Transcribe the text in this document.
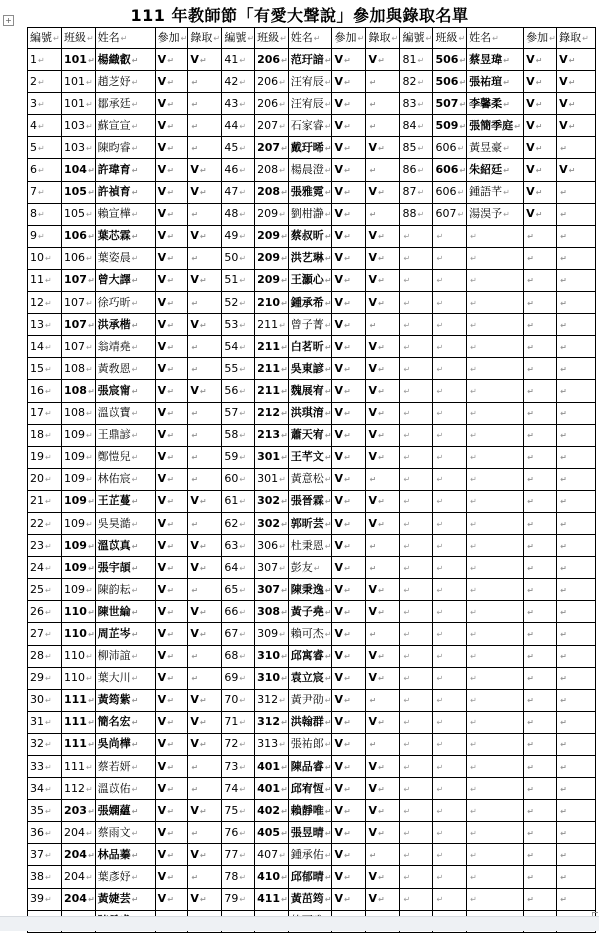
+	111 年教師節「有愛大聲說」參加與錄取名單
編號↵	班級↵	姓名↵	參加↵	錄取↵	編號↵	班級↵	姓名↵	參加↵	錄取↵	編號↵	班級↵	姓名↵	參加↵	錄取↵
1↵	101↵	楊織叡↵	V↵	V↵	41↵	206↵	范玗諳↵	V↵	V↵	81↵	506↵	蔡昱瑋↵	V↵	V↵
2↵	101↵	趙芝妤↵	V↵	↵	42↵	206↵	汪宥辰↵	V↵	↵	82↵	506↵	張祐瑄↵	V↵	V↵
3↵	101↵	鄒承廷↵	V↵	↵	43↵	206↵	汪宥辰↵	V↵	↵	83↵	507↵	李馨柔↵	V↵	V↵
4↵	103↵	蘇宣宣↵	V↵	↵	44↵	207↵	石家睿↵	V↵	↵	84↵	509↵	張簡季庭↵	V↵	V↵
5↵	103↵	陳昀睿↵	V↵	↵	45↵	207↵	戴玗晞↵	V↵	V↵	85↵	606↵	黃昱豪↵	V↵	↵
6↵	104↵	許瑋育↵	V↵	V↵	46↵	208↵	楊晨澄↵	V↵	↵	86↵	606↵	朱紹廷↵	V↵	V↵
7↵	105↵	許禎育↵	V↵	V↵	47↵	208↵	張雅霓↵	V↵	V↵	87↵	606↵	鍾語芊↵	V↵	↵
8↵	105↵	賴宣樺↵	V↵	↵	48↵	209↵	劉柑瀞↵	V↵	↵	88↵	607↵	湯淏予↵	V↵	↵
9↵	106↵	葉芯霖↵	V↵	V↵	49↵	209↵	蔡叔昕↵	V↵	V↵	↵	↵	↵	↵	↵
10↵	106↵	葉姿晨↵	V↵	↵	50↵	209↵	洪艺琳↵	V↵	V↵	↵	↵	↵	↵	↵
11↵	107↵	曾大譯↵	V↵	V↵	51↵	209↵	王灝心↵	V↵	V↵	↵	↵	↵	↵	↵
12↵	107↵	徐巧昕↵	V↵	↵	52↵	210↵	鍾承希↵	V↵	V↵	↵	↵	↵	↵	↵
13↵	107↵	洪承楷↵	V↵	V↵	53↵	211↵	曾子菁↵	V↵	↵	↵	↵	↵	↵	↵
14↵	107↵	翁靖堯↵	V↵	↵	54↵	211↵	白茗昕↵	V↵	V↵	↵	↵	↵	↵	↵
15↵	108↵	黃敎恩↵	V↵	↵	55↵	211↵	吳東諺↵	V↵	V↵	↵	↵	↵	↵	↵
16↵	108↵	張宸甯↵	V↵	V↵	56↵	211↵	魏展宥↵	V↵	V↵	↵	↵	↵	↵	↵
17↵	108↵	溫苡寶↵	V↵	↵	57↵	212↵	洪琪淯↵	V↵	V↵	↵	↵	↵	↵	↵
18↵	109↵	王鼎諺↵	V↵	↵	58↵	213↵	蕭天宥↵	V↵	V↵	↵	↵	↵	↵	↵
19↵	109↵	鄭愷兒↵	V↵	↵	59↵	301↵	王芊文↵	V↵	V↵	↵	↵	↵	↵	↵
20↵	109↵	林佑宸↵	V↵	↵	60↵	301↵	黃意松↵	V↵	↵	↵	↵	↵	↵	↵
21↵	109↵	王芷蔓↵	V↵	V↵	61↵	302↵	張晉霖↵	V↵	V↵	↵	↵	↵	↵	↵
22↵	109↵	吳昊澔↵	V↵	↵	62↵	302↵	郭昕芸↵	V↵	V↵	↵	↵	↵	↵	↵
23↵	109↵	溫苡真↵	V↵	V↵	63↵	306↵	杜秉恩↵	V↵	↵	↵	↵	↵	↵	↵
24↵	109↵	張宇頡↵	V↵	V↵	64↵	307↵	彭友↵	V↵	↵	↵	↵	↵	↵	↵
25↵	109↵	陳韵耘↵	V↵	↵	65↵	307↵	陳秉逸↵	V↵	V↵	↵	↵	↵	↵	↵
26↵	110↵	陳世綸↵	V↵	V↵	66↵	308↵	黃子堯↵	V↵	V↵	↵	↵	↵	↵	↵
27↵	110↵	周芷岑↵	V↵	V↵	67↵	309↵	賴可杰↵	V↵	↵	↵	↵	↵	↵	↵
28↵	110↵	柳沛誼↵	V↵	↵	68↵	310↵	邱寓睿↵	V↵	V↵	↵	↵	↵	↵	↵
29↵	110↵	葉大川↵	V↵	↵	69↵	310↵	袁立宸↵	V↵	V↵	↵	↵	↵	↵	↵
30↵	111↵	黃筠紫↵	V↵	V↵	70↵	312↵	黃尹劭↵	V↵	↵	↵	↵	↵	↵	↵
31↵	111↵	簡名宏↵	V↵	V↵	71↵	312↵	洪翰群↵	V↵	V↵	↵	↵	↵	↵	↵
32↵	111↵	吳尚樺↵	V↵	V↵	72↵	313↵	張祐郎↵	V↵	↵	↵	↵	↵	↵	↵
33↵	111↵	蔡若妍↵	V↵	↵	73↵	401↵	陳品睿↵	V↵	V↵	↵	↵	↵	↵	↵
34↵	112↵	溫苡佑↵	V↵	↵	74↵	401↵	邱宥恆↵	V↵	V↵	↵	↵	↵	↵	↵
35↵	203↵	張嫻蘊↵	V↵	V↵	75↵	402↵	賴靜唯↵	V↵	V↵	↵	↵	↵	↵	↵
36↵	204↵	蔡雨文↵	V↵	↵	76↵	405↵	張昱晴↵	V↵	V↵	↵	↵	↵	↵	↵
37↵	204↵	林品蓁↵	V↵	V↵	77↵	407↵	鍾承佑↵	V↵	↵	↵	↵	↵	↵	↵
38↵	204↵	葉彥妤↵	V↵	↵	78↵	410↵	邱郁晴↵	V↵	V↵	↵	↵	↵	↵	↵
39↵	204↵	黃婕芸↵	V↵	V↵	79↵	411↵	黃茁筠↵	V↵	V↵	↵	↵	↵	↵	↵
